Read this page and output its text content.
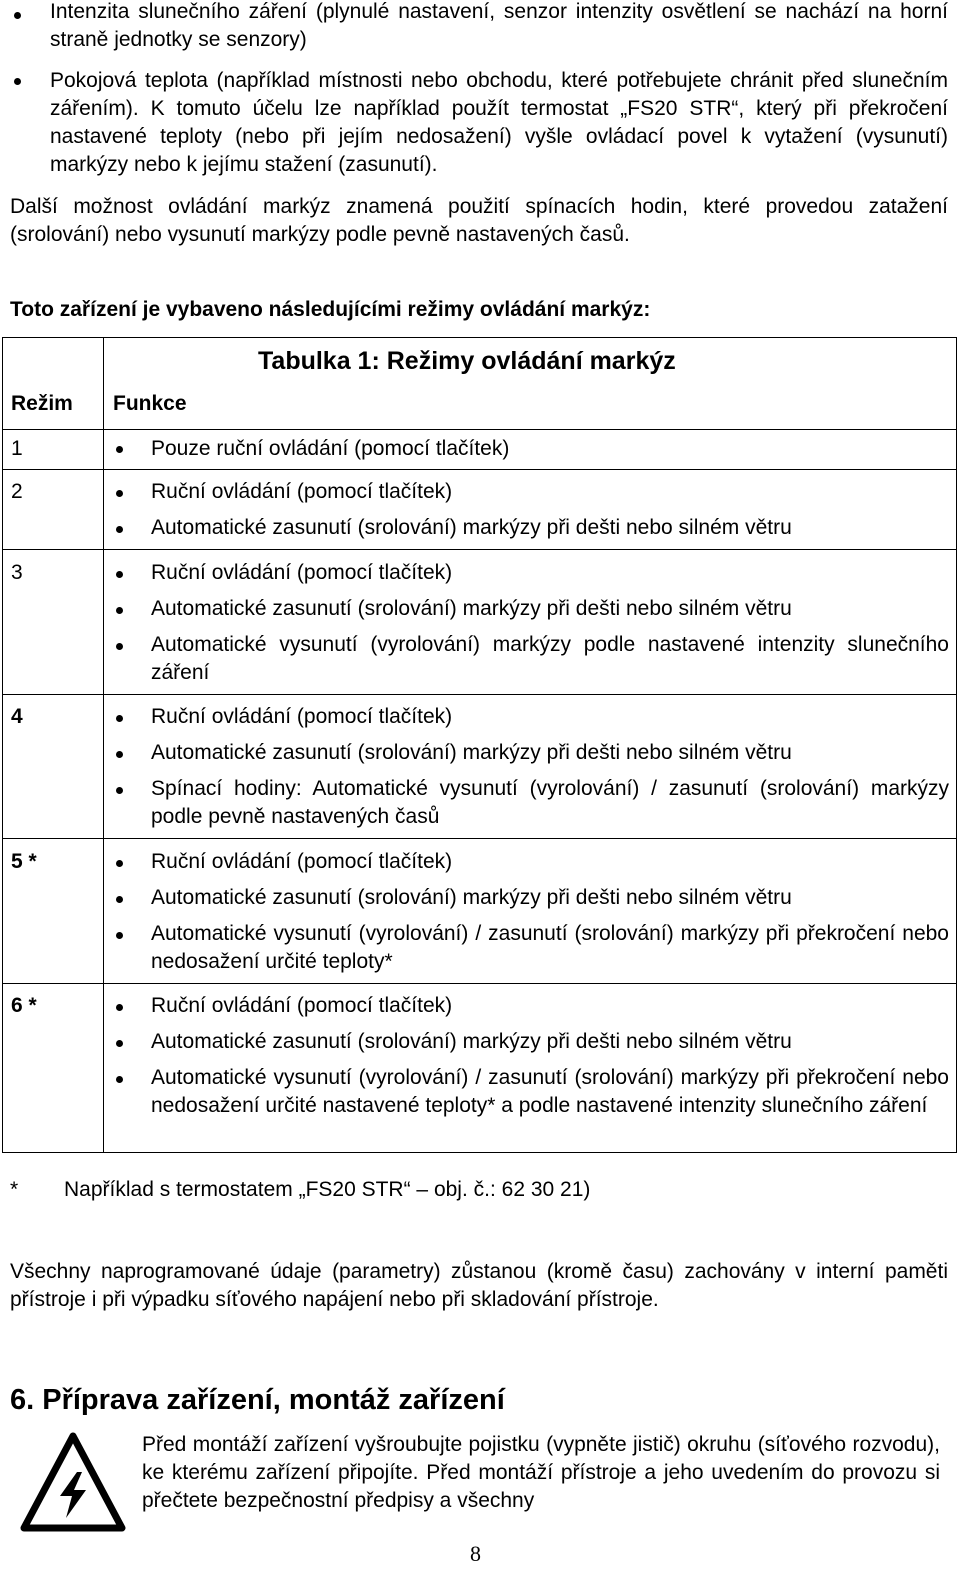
Intenzita slunečního záření (plynulé nastavení, senzor intenzity osvětlení se nachází na horní straně jednotky se senzory)
Pokojová teplota (například místnosti nebo obchodu, které potřebujete chránit před slunečním zářením). K tomuto účelu lze například použít termostat „FS20 STR“, který při překročení nastavené teploty (nebo při jejím nedosažení) vyšle ovládací povel k vytažení (vysunutí) markýzy nebo k jejímu stažení (zasunutí).
Další možnost ovládání markýz znamená použití spínacích hodin, které provedou zatažení (srolování) nebo vysunutí markýzy podle pevně nastavených časů.
Toto zařízení je vybaveno následujícími režimy ovládání markýz:
Tabulka 1: Režimy ovládání markýz
Režim Funkce
1	Pouze ruční ovládání (pomocí tlačítek)
2	Ruční ovládání (pomocí tlačítek)
Automatické zasunutí (srolování) markýzy při dešti nebo silném větru
3	Ruční ovládání (pomocí tlačítek)
Automatické zasunutí (srolování) markýzy při dešti nebo silném větru
Automatické vysunutí (vyrolování) markýzy podle nastavené intenzity slunečního záření
4	Ruční ovládání (pomocí tlačítek)
Automatické zasunutí (srolování) markýzy při dešti nebo silném větru
Spínací hodiny: Automatické vysunutí (vyrolování) / zasunutí (srolování) markýzy podle pevně nastavených časů
5 *	Ruční ovládání (pomocí tlačítek)
Automatické zasunutí (srolování) markýzy při dešti nebo silném větru
Automatické vysunutí (vyrolování) / zasunutí (srolování) markýzy při překročení nebo nedosažení určité teploty*
6 *	Ruční ovládání (pomocí tlačítek)
Automatické zasunutí (srolování) markýzy při dešti nebo silném větru
Automatické vysunutí (vyrolování) / zasunutí (srolování) markýzy při překročení nebo nedosažení určité nastavené teploty* a podle nastavené intenzity slunečního záření
* Například s termostatem „FS20 STR“ – obj. č.: 62 30 21)
Všechny naprogramované údaje (parametry) zůstanou (kromě času) zachovány v interní paměti přístroje i při výpadku síťového napájení nebo při skladování přístroje.
6. Příprava zařízení, montáž zařízení
Před montáží zařízení vyšroubujte pojistku (vypněte jistič) okruhu (síťového rozvodu), ke kterému zařízení připojíte. Před montáží přístroje a jeho uvedením do provozu si přečtete bezpečnostní předpisy a všechny
8
